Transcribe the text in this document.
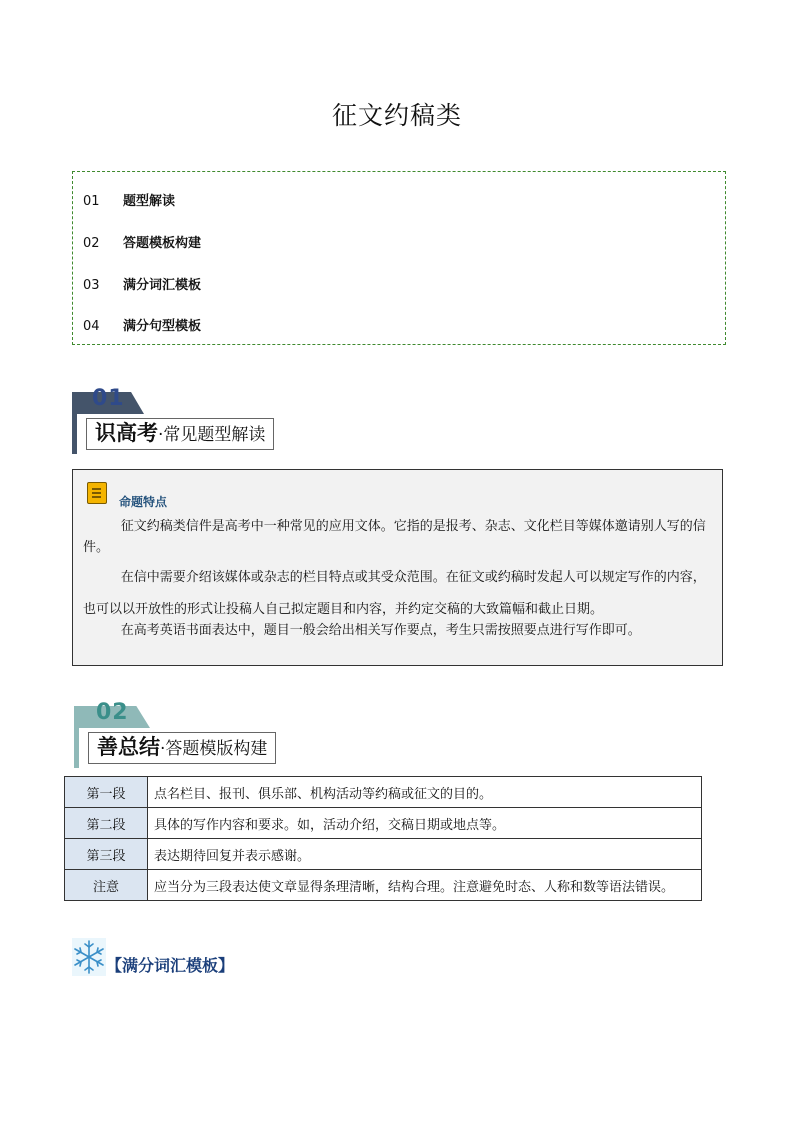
征文约稿类
01 题型解读
02 答题模板构建
03 满分词汇模板
04 满分句型模板
01
识高考·常见题型解读
命题特点

征文约稿类信件是高考中一种常见的应用文体。它指的是报考、杂志、文化栏目等媒体邀请别人写的信件。

在信中需要介绍该媒体或杂志的栏目特点或其受众范围。在征文或约稿时发起人可以规定写作的内容，也可以以开放性的形式让投稿人自己拟定题目和内容，并约定交稿的大致篇幅和截止日期。

在高考英语书面表达中，题目一般会给出相关写作要点，考生只需按照要点进行写作即可。

02
善总结·答题模版构建
第一段	点名栏目、报刊、俱乐部、机构活动等约稿或征文的目的。
第二段	具体的写作内容和要求。如，活动介绍，交稿日期或地点等。
第三段	表达期待回复并表示感谢。
注意	应当分为三段表达使文章显得条理清晰，结构合理。注意避免时态、人称和数等语法错误。
【满分词汇模板】
